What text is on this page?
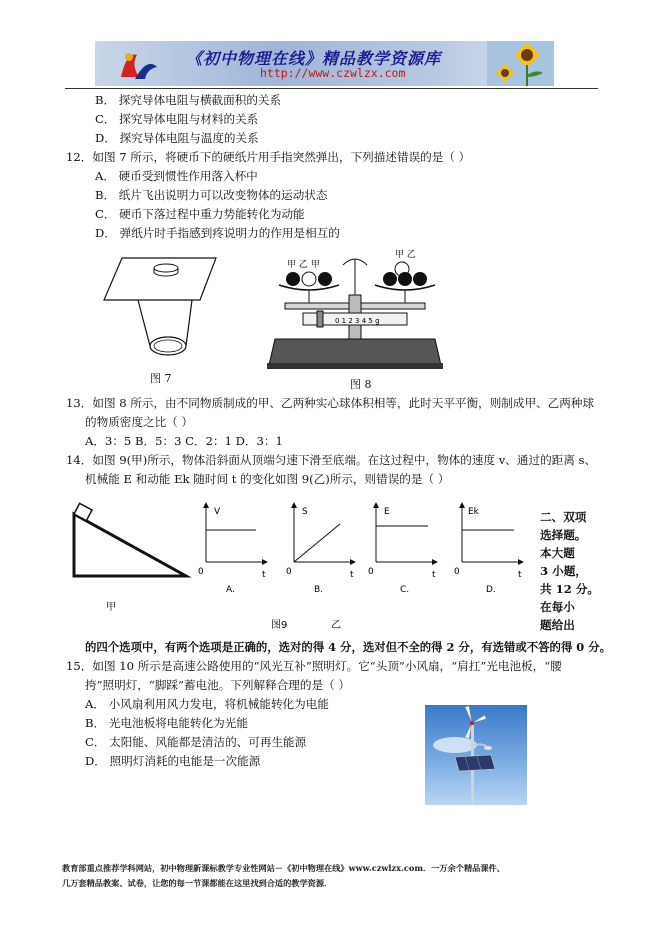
《初中物理在线》精品教学资源库
http://www.czwlzx.com
B． 探究导体电阻与横截面积的关系
C． 探究导体电阻与材料的关系
D． 探究导体电阻与温度的关系
12．如图 7 所示，将硬币下的硬纸片用手指突然弹出，下列描述错误的是（ ）
A． 硬币受到惯性作用落入杯中
B． 纸片飞出说明力可以改变物体的运动状态
C． 硬币下落过程中重力势能转化为动能
D． 弹纸片时手指感到疼说明力的作用是相互的
图 7
甲 乙 甲
甲 乙
0 1 2 3 4 5 g
图 8
13．如图 8 所示，由不同物质制成的甲、乙两种实心球体积相等，此时天平平衡，则制成甲、乙两种球
的物质密度之比（ ）
A．3：5 B．5：3 C．2：1 D．3：1
14．如图 9(甲)所示，物体沿斜面从顶端匀速下滑至底端。在这过程中，物体的速度 v、通过的距离 s、
机械能 E 和动能 Ek 随时间 t 的变化如图 9(乙)所示，则错误的是（ ）
甲
乙
图9
V
0	t
A.
S
0	t
B.
E
0	t
C.
Ek
0	t
D.
二、双项
选择题。
本大题
3 小题，
共 12 分。
在每小
题给出
的四个选项中，有两个选项是正确的，选对的得 4 分，选对但不全的得 2 分，有选错或不答的得 0 分。
15．如图 10 所示是高速公路使用的“风光互补”照明灯。它“头顶”小风扇，“肩扛”光电池板，“腰
挎”照明灯，“脚踩”蓄电池。下列解释合理的是（ ）
A． 小风扇利用风力发电，将机械能转化为电能
B． 光电池板将电能转化为光能
C． 太阳能、风能都是清洁的、可再生能源
D． 照明灯消耗的电能是一次能源
教育部重点推荐学科网站，初中物理新课标教学专业性网站－《初中物理在线》www.czwlzx.com．一万余个精品课件、
几万套精品教案、试卷，让您的每一节课都能在这里找到合适的教学资源．
